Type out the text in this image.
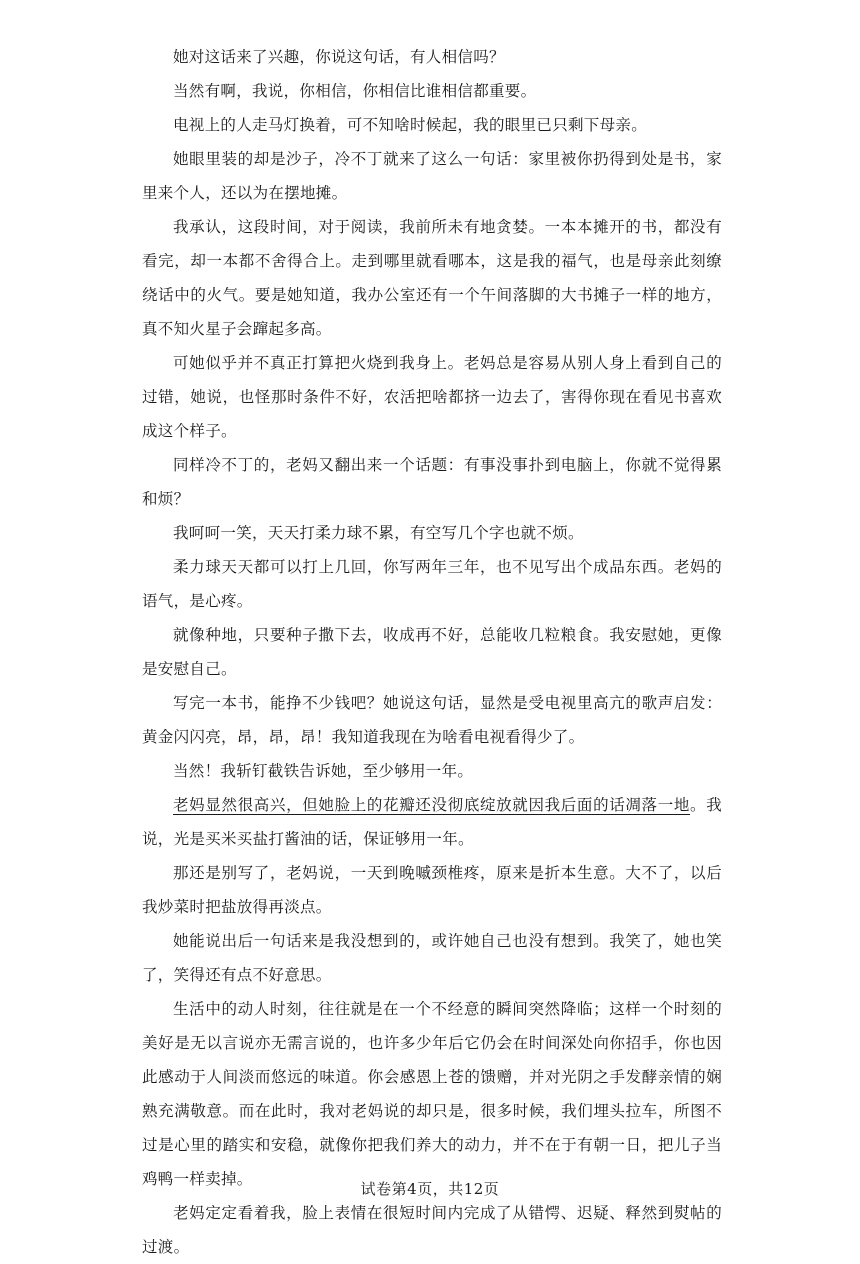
她对这话来了兴趣，你说这句话，有人相信吗？

当然有啊，我说，你相信，你相信比谁相信都重要。

电视上的人走马灯换着，可不知啥时候起，我的眼里已只剩下母亲。

她眼里装的却是沙子，冷不丁就来了这么一句话：家里被你扔得到处是书，家里来个人，还以为在摆地摊。

我承认，这段时间，对于阅读，我前所未有地贪婪。一本本摊开的书，都没有看完，却一本都不舍得合上。走到哪里就看哪本，这是我的福气，也是母亲此刻缭绕话中的火气。要是她知道，我办公室还有一个午间落脚的大书摊子一样的地方，真不知火星子会蹿起多高。

可她似乎并不真正打算把火烧到我身上。老妈总是容易从别人身上看到自己的过错，她说，也怪那时条件不好，农活把啥都挤一边去了，害得你现在看见书喜欢成这个样子。

同样冷不丁的，老妈又翻出来一个话题：有事没事扑到电脑上，你就不觉得累和烦？

我呵呵一笑，天天打柔力球不累，有空写几个字也就不烦。

柔力球天天都可以打上几回，你写两年三年，也不见写出个成品东西。老妈的语气，是心疼。

就像种地，只要种子撒下去，收成再不好，总能收几粒粮食。我安慰她，更像是安慰自己。

写完一本书，能挣不少钱吧？她说这句话，显然是受电视里高亢的歌声启发：黄金闪闪亮，昂，昂，昂！我知道我现在为啥看电视看得少了。

当然！我斩钉截铁告诉她，至少够用一年。

老妈显然很高兴，但她脸上的花瓣还没彻底绽放就因我后面的话凋落一地。我说，光是买米买盐打酱油的话，保证够用一年。

那还是别写了，老妈说，一天到晚嘁颈椎疼，原来是折本生意。大不了，以后我炒菜时把盐放得再淡点。

她能说出后一句话来是我没想到的，或许她自己也没有想到。我笑了，她也笑了，笑得还有点不好意思。

生活中的动人时刻，往往就是在一个不经意的瞬间突然降临；这样一个时刻的美好是无以言说亦无需言说的，也许多少年后它仍会在时间深处向你招手，你也因此感动于人间淡而悠远的味道。你会感恩上苍的馈赠，并对光阴之手发酵亲情的娴熟充满敬意。而在此时，我对老妈说的却只是，很多时候，我们埋头拉车，所图不过是心里的踏实和安稳，就像你把我们养大的动力，并不在于有朝一日，把儿子当鸡鸭一样卖掉。

老妈定定看着我，脸上表情在很短时间内完成了从错愕、迟疑、释然到熨帖的过渡。

试卷第4页，共12页
